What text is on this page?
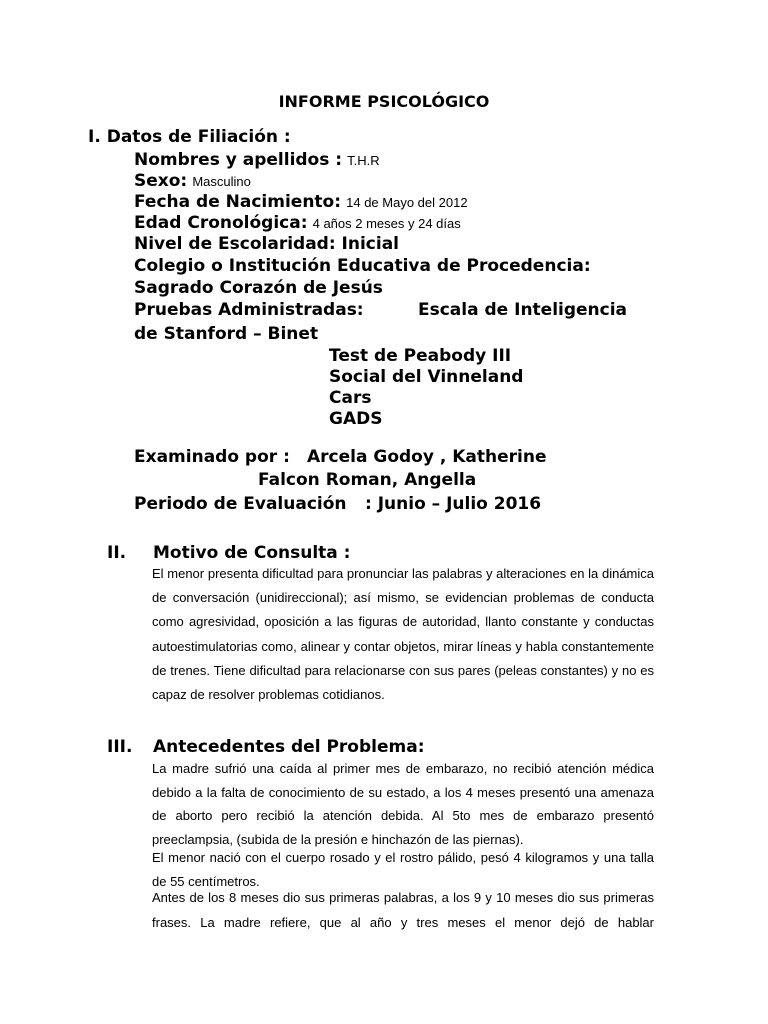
INFORME PSICOLÓGICO
I. Datos de Filiación :
Nombres y apellidos : T.H.R
Sexo: Masculino
Fecha de Nacimiento: 14 de Mayo del 2012
Edad Cronológica: 4 años 2 meses y 24 días
Nivel de Escolaridad: Inicial
Colegio o Institución Educativa de Procedencia:
Sagrado Corazón de Jesús
Pruebas Administradas:	Escala de Inteligencia
de Stanford – Binet
Test de Peabody III
Social del Vinneland
Cars
GADS
Examinado por : Arcela Godoy , Katherine
Falcon Roman, Angella
Periodo de Evaluación : Junio – Julio 2016
II. Motivo de Consulta :

El menor presenta dificultad para pronunciar las palabras y alteraciones en la dinámica de conversación (unidireccional); así mismo, se evidencian problemas de conducta como agresividad, oposición a las figuras de autoridad, llanto constante y conductas autoestimulatorias como, alinear y contar objetos, mirar líneas y habla constantemente de trenes. Tiene dificultad para relacionarse con sus pares (peleas constantes) y no es capaz de resolver problemas cotidianos.

III. Antecedentes del Problema:

La madre sufrió una caída al primer mes de embarazo, no recibió atención médica debido a la falta de conocimiento de su estado, a los 4 meses presentó una amenaza de aborto pero recibió la atención debida. Al 5to mes de embarazo presentó preeclampsia, (subida de la presión e hinchazón de las piernas).

El menor nació con el cuerpo rosado y el rostro pálido, pesó 4 kilogramos y una talla de 55 centímetros.

Antes de los 8 meses dio sus primeras palabras, a los 9 y 10 meses dio sus primeras frases. La madre refiere, que al año y tres meses el menor dejó de hablar
